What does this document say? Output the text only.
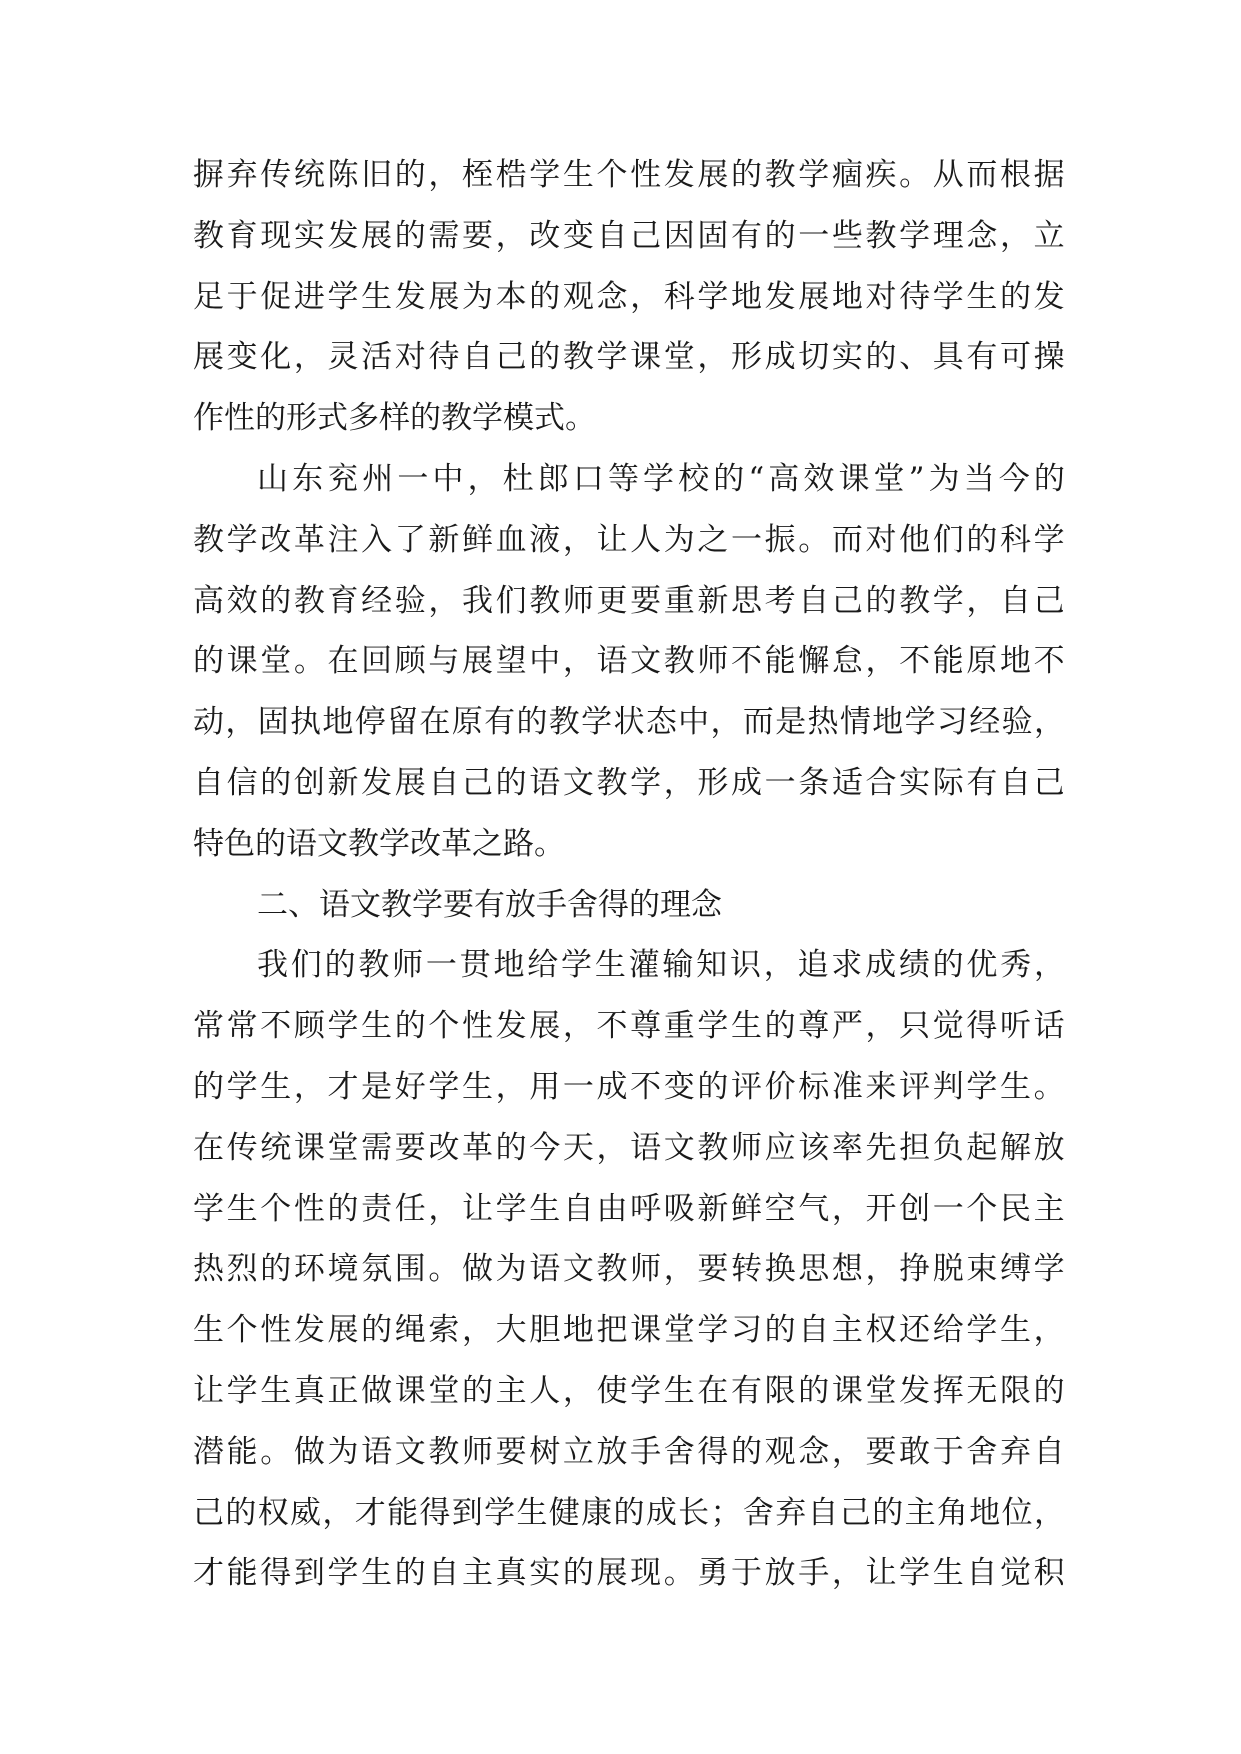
摒 弃 传 统 陈 旧 的 ， 桎 梏 学 生 个 性 发 展 的 教 学 痼 疾 。 从 而 根 据
教 育 现 实 发 展 的 需 要 ， 改 变 自 己 因 固 有 的 一 些 教 学 理 念 ， 立
足 于 促 进 学 生 发 展 为 本 的 观 念 ， 科 学 地 发 展 地 对 待 学 生 的 发
展 变 化 ， 灵 活 对 待 自 己 的 教 学 课 堂 ， 形 成 切 实 的 、 具 有 可 操
作性的形式多样的教学模式。
山 东 兖 州 一 中 ， 杜 郎 口 等 学 校 的 “ 高 效 课 堂 ” 为 当 今 的
教 学 改 革 注 入 了 新 鲜 血 液 ， 让 人 为 之 一 振 。 而 对 他 们 的 科 学
高 效 的 教 育 经 验 ， 我 们 教 师 更 要 重 新 思 考 自 己 的 教 学 ， 自 己
的 课 堂 。 在 回 顾 与 展 望 中 ， 语 文 教 师 不 能 懈 怠 ， 不 能 原 地 不
动 ， 固 执 地 停 留 在 原 有 的 教 学 状 态 中 ， 而 是 热 情 地 学 习 经 验 ，
自 信 的 创 新 发 展 自 己 的 语 文 教 学 ， 形 成 一 条 适 合 实 际 有 自 己
特色的语文教学改革之路。
二、语文教学要有放手舍得的理念
我 们 的 教 师 一 贯 地 给 学 生 灌 输 知 识 ， 追 求 成 绩 的 优 秀 ，
常 常 不 顾 学 生 的 个 性 发 展 ， 不 尊 重 学 生 的 尊 严 ， 只 觉 得 听 话
的 学 生 ， 才 是 好 学 生 ， 用 一 成 不 变 的 评 价 标 准 来 评 判 学 生 。
在 传 统 课 堂 需 要 改 革 的 今 天 ， 语 文 教 师 应 该 率 先 担 负 起 解 放
学 生 个 性 的 责 任 ， 让 学 生 自 由 呼 吸 新 鲜 空 气 ， 开 创 一 个 民 主
热 烈 的 环 境 氛 围 。 做 为 语 文 教 师 ， 要 转 换 思 想 ， 挣 脱 束 缚 学
生 个 性 发 展 的 绳 索 ， 大 胆 地 把 课 堂 学 习 的 自 主 权 还 给 学 生 ，
让 学 生 真 正 做 课 堂 的 主 人 ， 使 学 生 在 有 限 的 课 堂 发 挥 无 限 的
潜 能 。 做 为 语 文 教 师 要 树 立 放 手 舍 得 的 观 念 ， 要 敢 于 舍 弃 自
己 的 权 威 ， 才 能 得 到 学 生 健 康 的 成 长 ； 舍 弃 自 己 的 主 角 地 位 ，
才 能 得 到 学 生 的 自 主 真 实 的 展 现 。 勇 于 放 手 ， 让 学 生 自 觉 积
